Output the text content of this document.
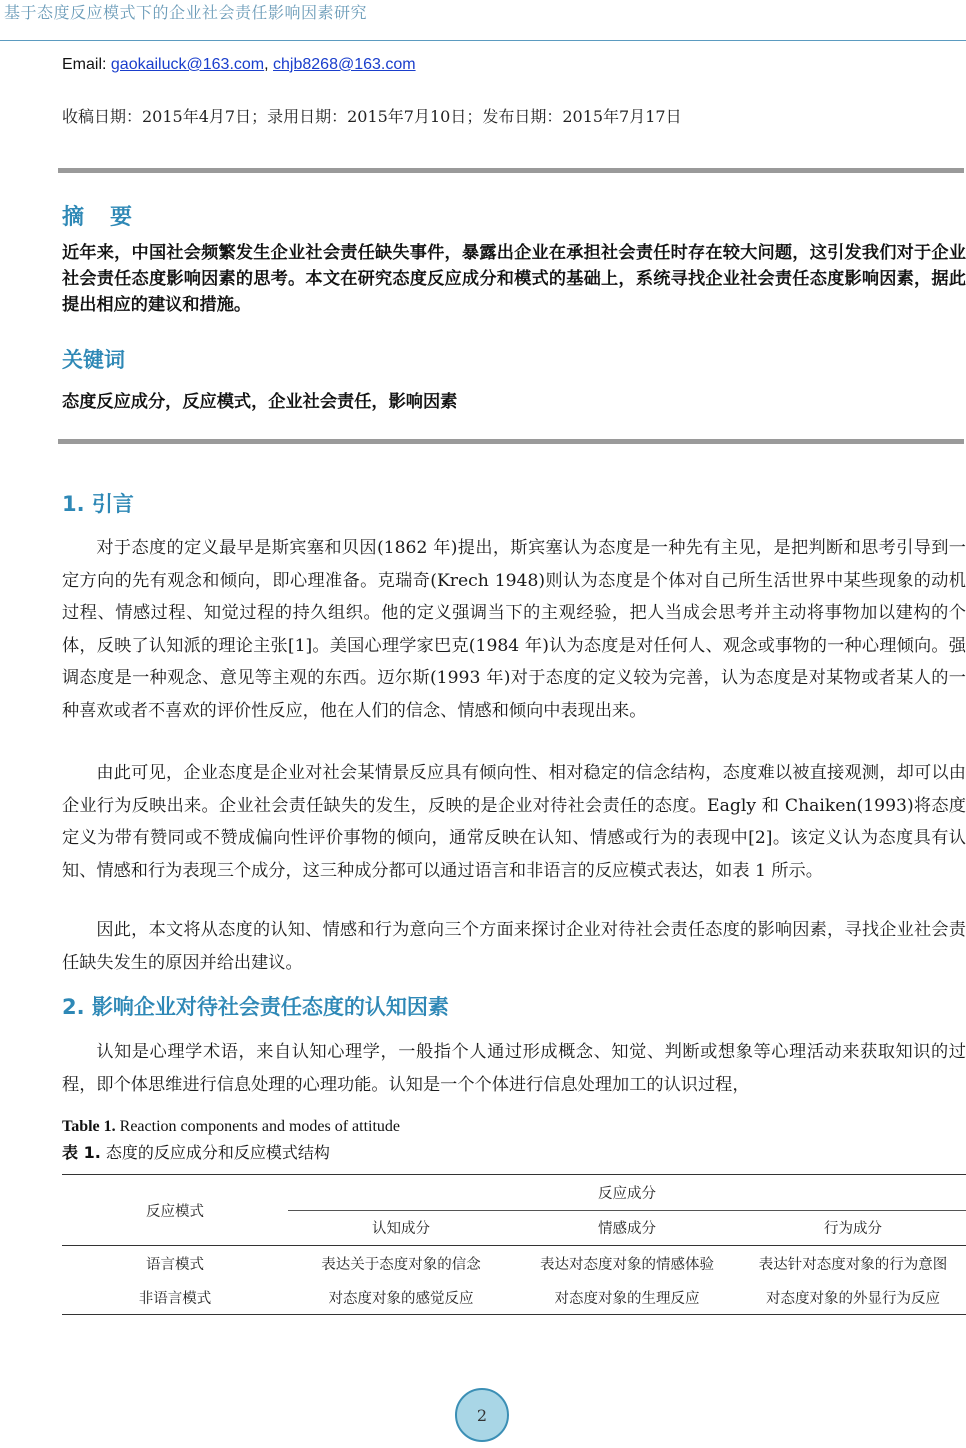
基于态度反应模式下的企业社会责任影响因素研究
Email: gaokailuck@163.com, chjb8268@163.com
收稿日期：2015年4月7日；录用日期：2015年7月10日；发布日期：2015年7月17日
摘　要
近年来，中国社会频繁发生企业社会责任缺失事件，暴露出企业在承担社会责任时存在较大问题，这引发我们对于企业社会责任态度影响因素的思考。本文在研究态度反应成分和模式的基础上，系统寻找企业社会责任态度影响因素，据此提出相应的建议和措施。
关键词
态度反应成分，反应模式，企业社会责任，影响因素
1. 引言
对于态度的定义最早是斯宾塞和贝因(1862 年)提出，斯宾塞认为态度是一种先有主见，是把判断和思考引导到一定方向的先有观念和倾向，即心理准备。克瑞奇(Krech 1948)则认为态度是个体对自己所生活世界中某些现象的动机过程、情感过程、知觉过程的持久组织。他的定义强调当下的主观经验，把人当成会思考并主动将事物加以建构的个体，反映了认知派的理论主张[1]。美国心理学家巴克(1984 年)认为态度是对任何人、观念或事物的一种心理倾向。强调态度是一种观念、意见等主观的东西。迈尔斯(1993 年)对于态度的定义较为完善，认为态度是对某物或者某人的一种喜欢或者不喜欢的评价性反应，他在人们的信念、情感和倾向中表现出来。
由此可见，企业态度是企业对社会某情景反应具有倾向性、相对稳定的信念结构，态度难以被直接观测，却可以由企业行为反映出来。企业社会责任缺失的发生，反映的是企业对待社会责任的态度。Eagly 和 Chaiken(1993)将态度定义为带有赞同或不赞成偏向性评价事物的倾向，通常反映在认知、情感或行为的表现中[2]。该定义认为态度具有认知、情感和行为表现三个成分，这三种成分都可以通过语言和非语言的反应模式表达，如表 1 所示。
因此，本文将从态度的认知、情感和行为意向三个方面来探讨企业对待社会责任态度的影响因素，寻找企业社会责任缺失发生的原因并给出建议。
2. 影响企业对待社会责任态度的认知因素
认知是心理学术语，来自认知心理学，一般指个人通过形成概念、知觉、判断或想象等心理活动来获取知识的过程，即个体思维进行信息处理的心理功能。认知是一个个体进行信息处理加工的认识过程，
Table 1. Reaction components and modes of attitude
表 1. 态度的反应成分和反应模式结构
反应模式	反应成分		
	认知成分	情感成分	行为成分
语言模式	表达关于态度对象的信念	表达对态度对象的情感体验	表达针对态度对象的行为意图
非语言模式	对态度对象的感觉反应	对态度对象的生理反应	对态度对象的外显行为反应
2
